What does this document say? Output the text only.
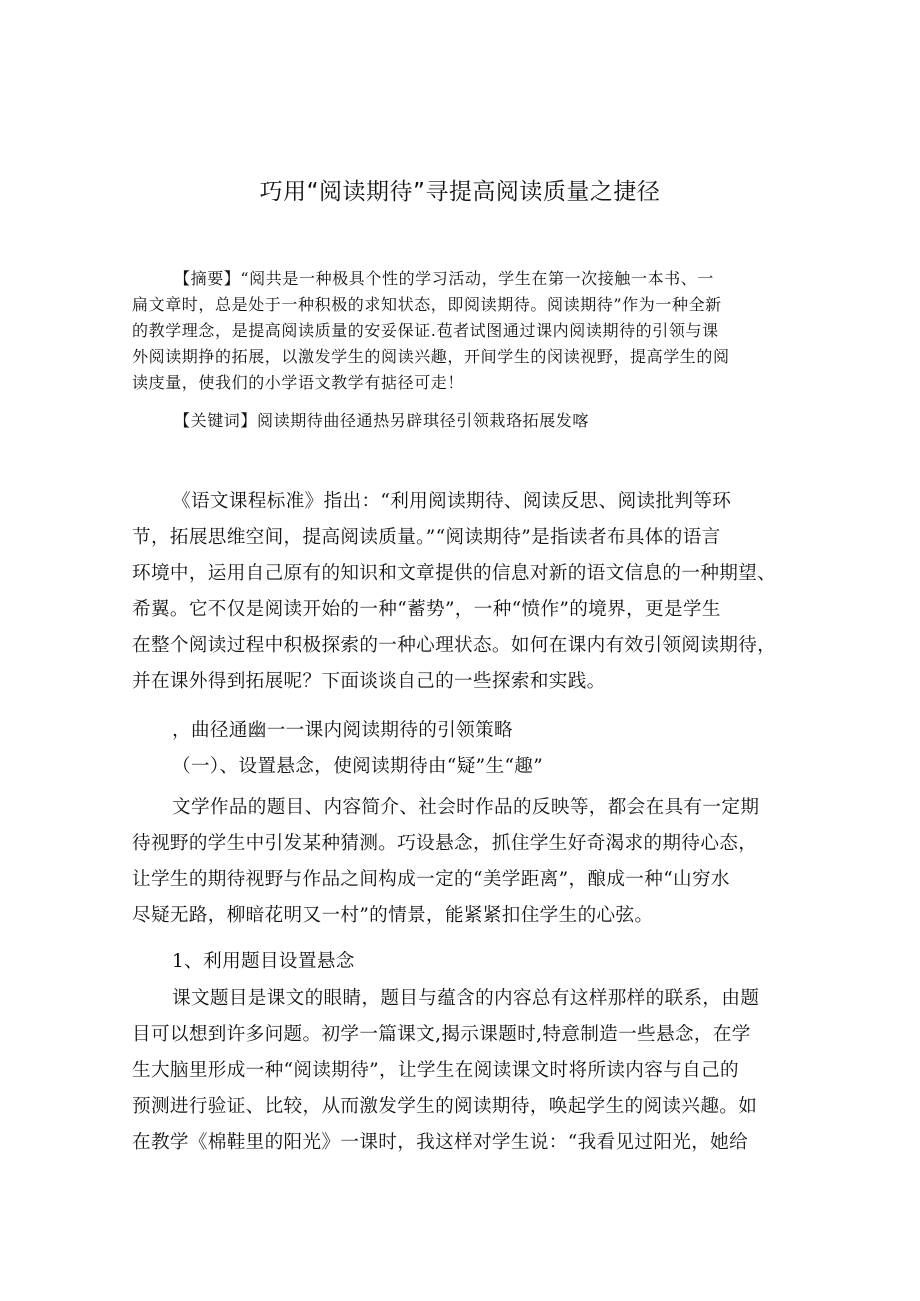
巧用“阅读期待”寻提高阅读质量之捷径
【摘要】“阅共是一种极具个性的学习活动，学生在第一次接触一本书、一
扁文章时，总是处于一种积极的求知状态，即阅读期待。阅读期待”作为一种全新
的教学理念，是提高阅读质量的安妥保证.苞者试图通过课内阅读期待的引领与课
外阅读期挣的拓展，以激发学生的阅读兴趣，开间学生的闵读视野，提高学生的阅
读庋量，使我们的小学语文教学有掂径可走！
【关键词】阅读期待曲径通热另辟琪径引领栽珞拓展发喀
《语文课程标准》指出：“利用阅读期待、阅读反思、阅读批判等环
节，拓展思维空间，提高阅读质量。”“阅读期待”是指读者布具体的语言
环境中，运用自己原有的知识和文章提供的信息对新的语文信息的一种期望、
希翼。它不仅是阅读开始的一种“蓄势”，一种“愤作”的境界，更是学生
在整个阅读过程中积极探索的一种心理状态。如何在课内有效引领阅读期待，
并在课外得到拓展呢？下面谈谈自己的一些探索和实践。
，曲径通幽一一课内阅读期待的引领策略
（一）、设置悬念，使阅读期待由“疑”生“趣”
文学作品的题目、内容简介、社会时作品的反映等，都会在具有一定期
待视野的学生中引发某种猜测。巧设悬念，抓住学生好奇渴求的期待心态，
让学生的期待视野与作品之间构成一定的“美学距离”，酿成一种“山穷水
尽疑无路，柳暗花明又一村”的情景，能紧紧扣住学生的心弦。
1、利用题目设置悬念
课文题目是课文的眼睛，题目与蕴含的内容总有这样那样的联系，由题
目可以想到许多问题。初学一篇课文,揭示课题时,特意制造一些悬念，在学
生大脑里形成一种“阅读期待”，让学生在阅读课文时将所读内容与自己的
预测进行验证、比较，从而激发学生的阅读期待，唤起学生的阅读兴趣。如
在教学《棉鞋里的阳光》一课时，我这样对学生说：“我看见过阳光，她给
